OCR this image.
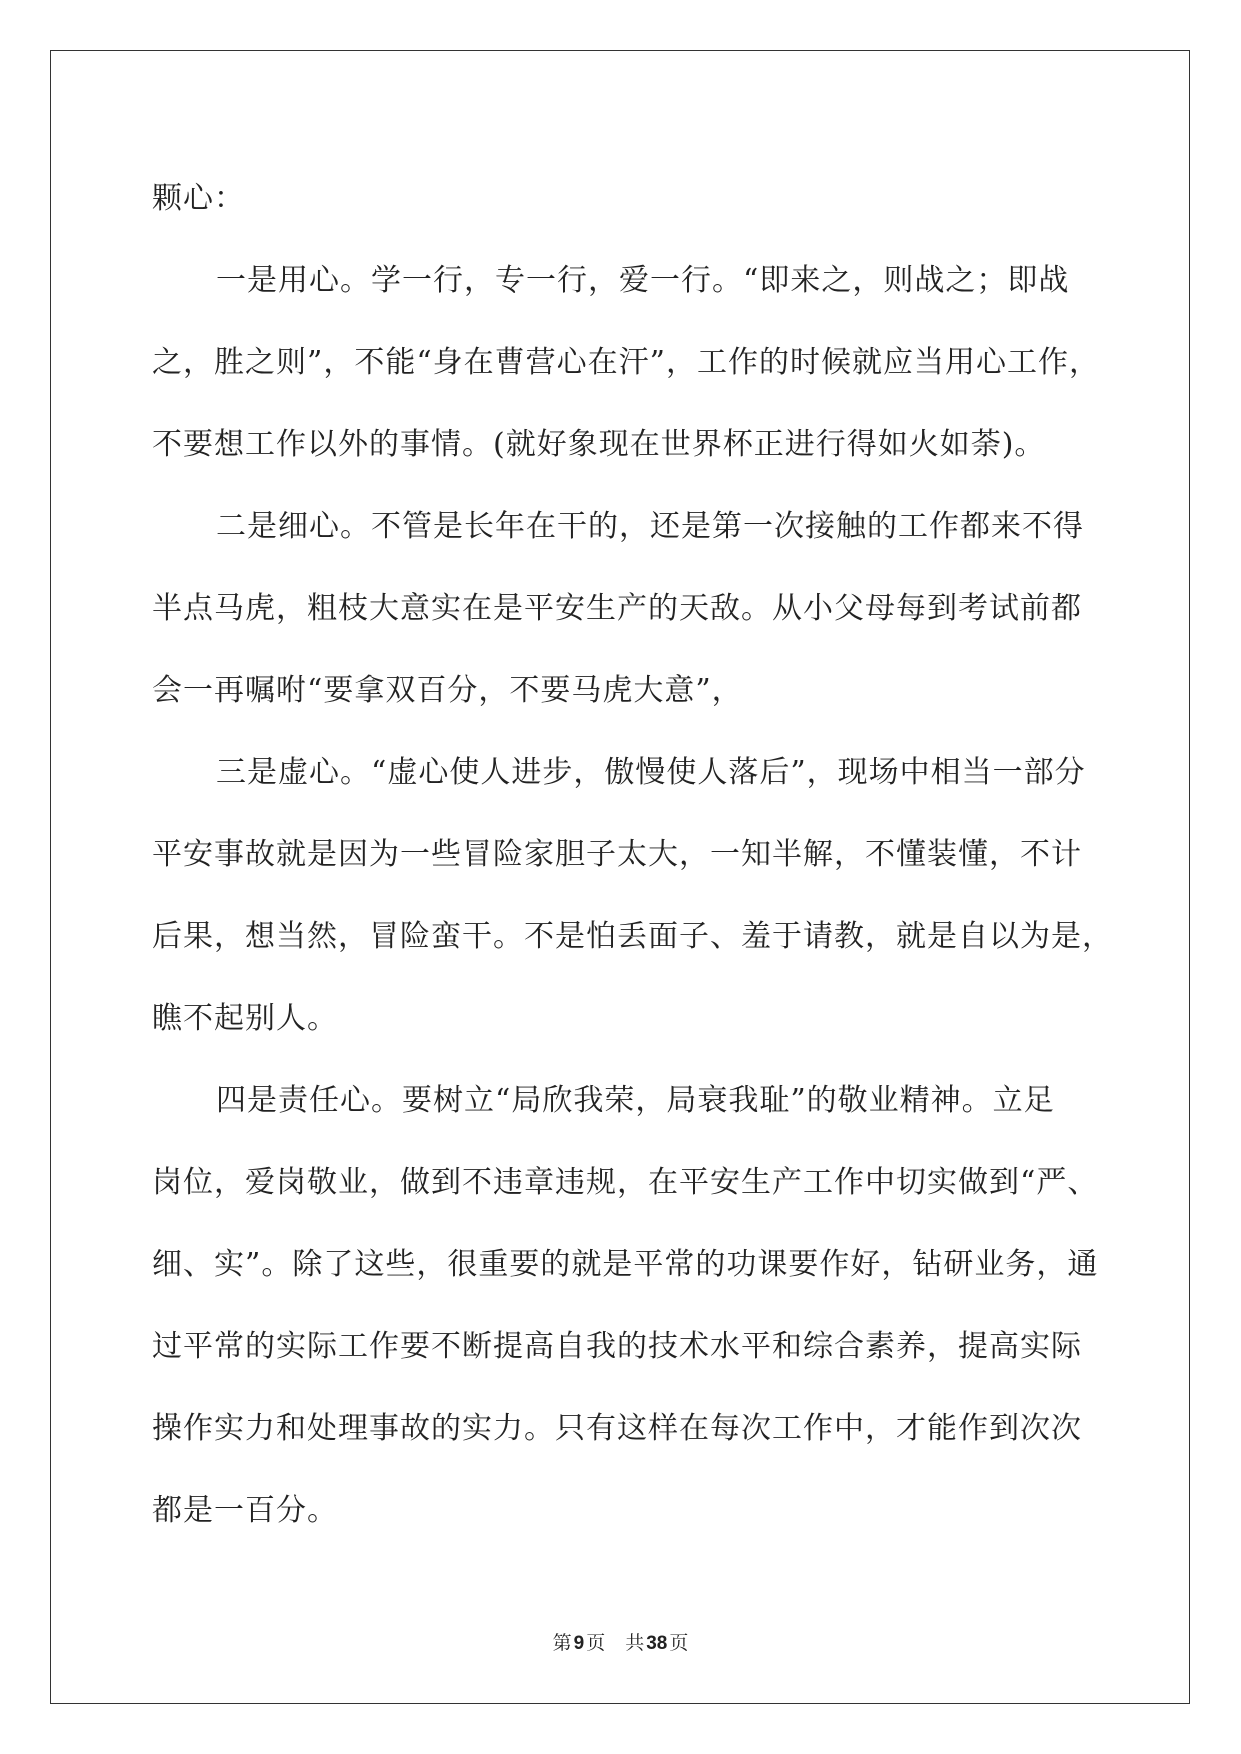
颗心：
一是用心。学一行，专一行，爱一行。“即来之，则战之；即战
之，胜之则”，不能“身在曹营心在汗”，工作的时候就应当用心工作，
不要想工作以外的事情。(就好象现在世界杯正进行得如火如荼)。
二是细心。不管是长年在干的，还是第一次接触的工作都来不得
半点马虎，粗枝大意实在是平安生产的天敌。从小父母每到考试前都
会一再嘱咐“要拿双百分，不要马虎大意”，
三是虚心。“虚心使人进步，傲慢使人落后”，现场中相当一部分
平安事故就是因为一些冒险家胆子太大，一知半解，不懂装懂，不计
后果，想当然，冒险蛮干。不是怕丢面子、羞于请教，就是自以为是，
瞧不起别人。
四是责任心。要树立“局欣我荣，局衰我耻”的敬业精神。立足
岗位，爱岗敬业，做到不违章违规，在平安生产工作中切实做到“严、
细、实”。除了这些，很重要的就是平常的功课要作好，钻研业务，通
过平常的实际工作要不断提高自我的技术水平和综合素养，提高实际
操作实力和处理事故的实力。只有这样在每次工作中，才能作到次次
都是一百分。
第 9 页 共 38 页
